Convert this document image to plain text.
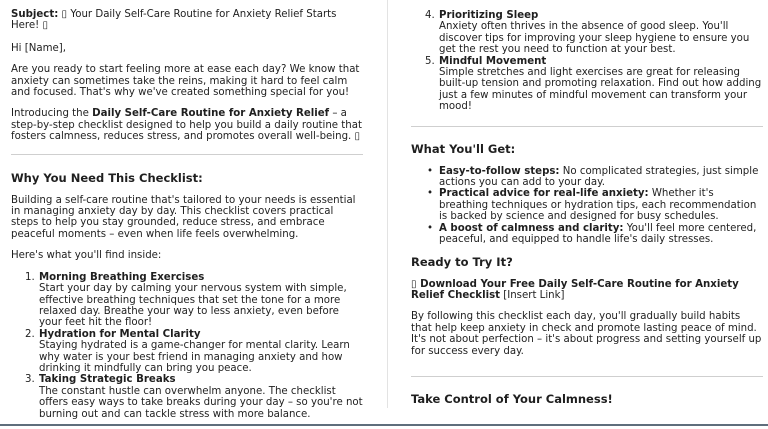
Subject: ▯ Your Daily Self-Care Routine for Anxiety Relief Starts Here! ▯

Hi [Name],

Are you ready to start feeling more at ease each day? We know that anxiety can sometimes take the reins, making it hard to feel calm and focused. That's why we've created something special for you!

Introducing the Daily Self-Care Routine for Anxiety Relief – a step-by-step checklist designed to help you build a daily routine that fosters calmness, reduces stress, and promotes overall well-being. ▯

Why You Need This Checklist:

Building a self-care routine that's tailored to your needs is essential in managing anxiety day by day. This checklist covers practical steps to help you stay grounded, reduce stress, and embrace peaceful moments – even when life feels overwhelming.

Here's what you'll find inside:

1. Morning Breathing Exercises
Start your day by calming your nervous system with simple, effective breathing techniques that set the tone for a more relaxed day. Breathe your way to less anxiety, even before your feet hit the floor!
2. Hydration for Mental Clarity
Staying hydrated is a game-changer for mental clarity. Learn why water is your best friend in managing anxiety and how drinking it mindfully can bring you peace.
3. Taking Strategic Breaks
The constant hustle can overwhelm anyone. The checklist offers easy ways to take breaks during your day – so you're not burning out and can tackle stress with more balance.
4. Prioritizing Sleep
Anxiety often thrives in the absence of good sleep. You'll discover tips for improving your sleep hygiene to ensure you get the rest you need to function at your best.
5. Mindful Movement
Simple stretches and light exercises are great for releasing built-up tension and promoting relaxation. Find out how adding just a few minutes of mindful movement can transform your mood!
What You'll Get:
• Easy-to-follow steps: No complicated strategies, just simple actions you can add to your day.
• Practical advice for real-life anxiety: Whether it's breathing techniques or hydration tips, each recommendation is backed by science and designed for busy schedules.
• A boost of calmness and clarity: You'll feel more centered, peaceful, and equipped to handle life's daily stresses.
Ready to Try It?

▯ Download Your Free Daily Self-Care Routine for Anxiety Relief Checklist [Insert Link]

By following this checklist each day, you'll gradually build habits that help keep anxiety in check and promote lasting peace of mind. It's not about perfection – it's about progress and setting yourself up for success every day.

Take Control of Your Calmness!
